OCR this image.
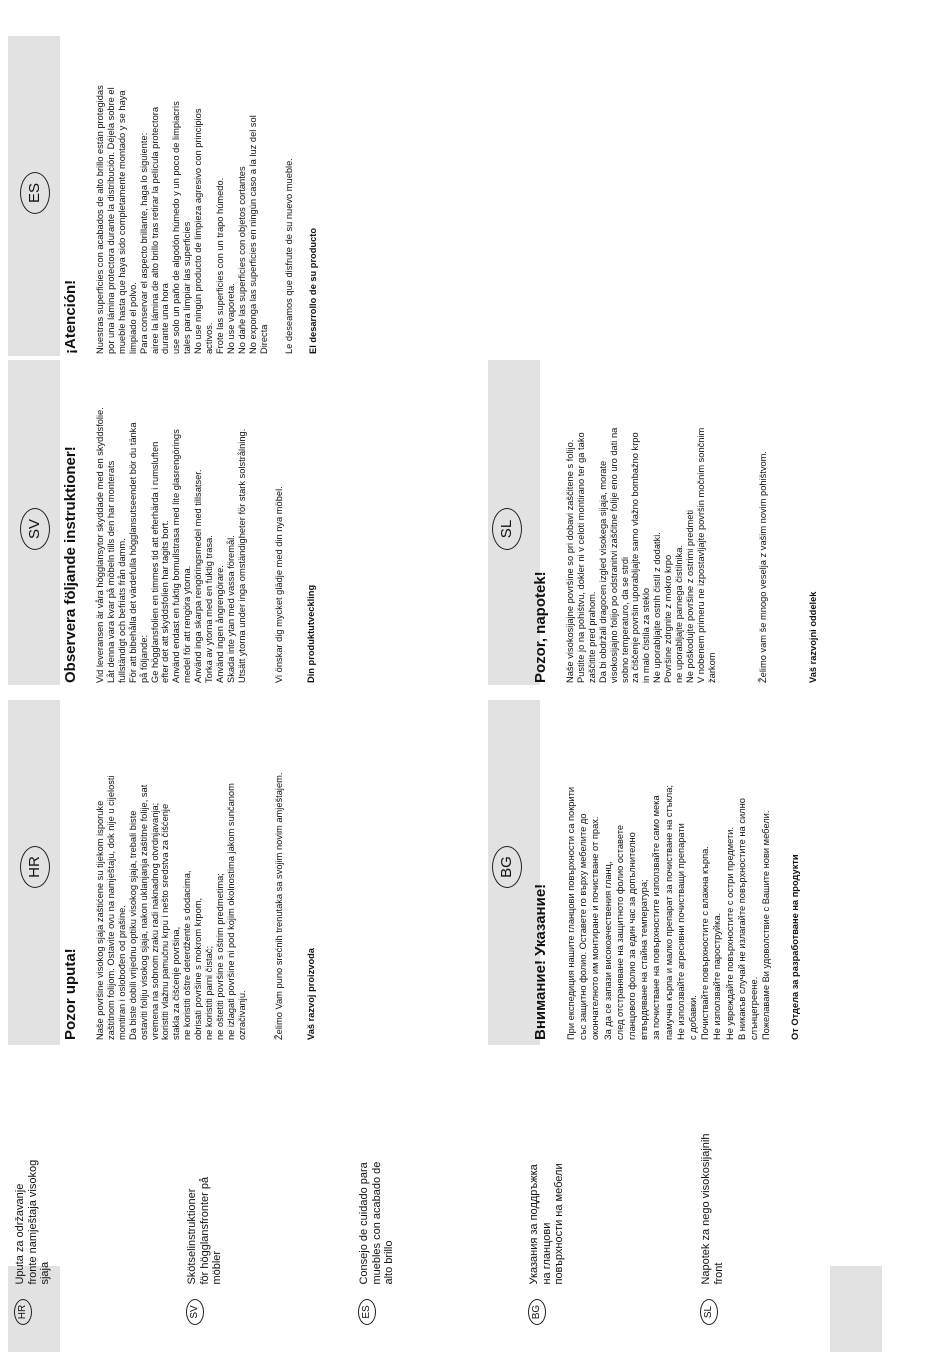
HR Uputa za održavanje
fronte namještaja visokog
sjaja
SV Skötselinstruktioner
för högglansfronter på
möbler
ES Consejo de cuidado para
muebles con acabado de
alto brillo
BG Указания за поддръжка
на гланцови
повърхности на мебели
SL Napotek za nego visokosijajnih
front
HR
SV
ES
BG
SL
Pozor uputa! Naše površine visokog sjaja zaštićene su tijekom isporuke
zaštitnom folijom. Ostavite ovu na namještaju, dok nije u cijelosti
montiran i oslobođen od prašine.
Da biste dobili vrijednu optiku visokog sjaja, trebali biste
ostaviti foliju visokog sjaja, nakon uklanjanja zaštitne folije, sat
vremena na sobnom zraku radi naknadnog otvrdnjavanja;
koristiti vlažnu pamučnu krpu i nešto sredstva za čišćenje
stakla za čišćenje površina,
ne koristiti oštre deterdžente s dodacima,
obrisati površine s mokrom krpom,
ne koristiti parni čistač;
ne oštetiti površine s oštrim predmetima;
ne izlagati površine ni pod kojim okolnostima jakom sunčanom
ozračivanju.	Želimo Vam puno srećnih trenutaka sa svojim novim amještajem. Vaš razvoj proizvoda

Observera följande instruktioner! Vid leveransen är våra högglansytor skyddade med en skyddsfolie.
Låt denna vara kvar på möbeln tills den har monterats
fullständigt och befriats från damm.
För att bibehålla det värdefulla högglansutseendet bör du tänka
på följande:
Ge högglansfolien en timmes tid att efterhärda i rumsluften
efter det att skyddsfolien har tagits bort.
Använd endast en fuktig bomullstrasa med lite glasrengörings
medel för att rengöra ytorna.
Använd inga skarpa rengöringsmedel med tillsatser.
Torka av ytorna med en fuktig trasa.
Använd ingen ångrengörare.
Skada inte ytan med vassa föremål.
Utsätt ytorna under inga omständigheter för stark solstrålning.

Vi önskar dig mycket glädje med din nya möbel. Din produktutveckling

¡Atención! Nuestras superficies con acabados de alto brillo están protegidas
por una lámina protectora durante la distribución. Déjela sobre el
mueble hasta que haya sido completamente montado y se haya
limpiado el polvo.
Para conservar el aspecto brillante, haga lo siguiente:
airee la lámina de alto brillo tras retirar la película protectora
durante una hora
use solo un paño de algodón húmedo y un poco de limpiacris
tales para limpiar las superficies
No use ningún producto de limpieza agresivo con principios
activos.
Frote las superficies con un trapo húmedo.
No use vaporeta.
No dañe las superficies con objetos cortantes
No exponga las superficies en ningún caso a la luz del sol
Directa Le deseamos que disfrute de su nuevo mueble. El desarrollo de su producto

Внимание! Указание! При експедиция нашите гланцови повърхности са покрити
със защитно фолио. Оставете го върху мебелите до
окончателното им монтиране и почистване от прах.
За да се запази високоачествения гланц,
след отстраняване на защитното фолио оставете
гланцового фолио за един час за допълнително
втвърдяване на стайна температура;
за почистване на повърхностите използвайте само мека
памучна кърпа и малко препарат за почистване на стъкла;
Не използвайте агресивни почистващи препарати
с добавки.
Почиствайте повърхностите с влажна кърпа.
Не използвайте пароструйка.
Не увреждайте повърхностите с остри предмети.
В никакъв случай не излагайте повърхностите на силно
слънцегреене.
Пожелаваме Ви удоволствие с Вашите нови мебели.

От Отдела за разработване на продукти

Pozor, napotek! Naše visokosijajne površine so pri dobavi zaščitene s folijo.
Pustite jo na pohištvu, dokler ni v celoti montirano ter ga tako
zaščitite pred prahom.
Da bi obdržali dragocen izgled visokega sijaja, morate
visokosijajno folijo po odstranitvi zaščitne folije eno uro dati na
sobno temperaturo, da se strdi
za čiščenje površin uporabljajte samo vlažno bombažno krpo
in malo čistila za steklo
Ne uporabljajte ostrih čistil z dodatki.
Površine zdrgnite z mokro krpo
ne uporabljajte parnega čistilnika.
Ne poškodujte površine z ostrimi predmeti
V nobenem primeru ne izpostavljajte površin močnim sončnim
žarkom	Želimo vam še mnogo veselja z vašim novim pohištvom.	Vaš razvojni oddelek
